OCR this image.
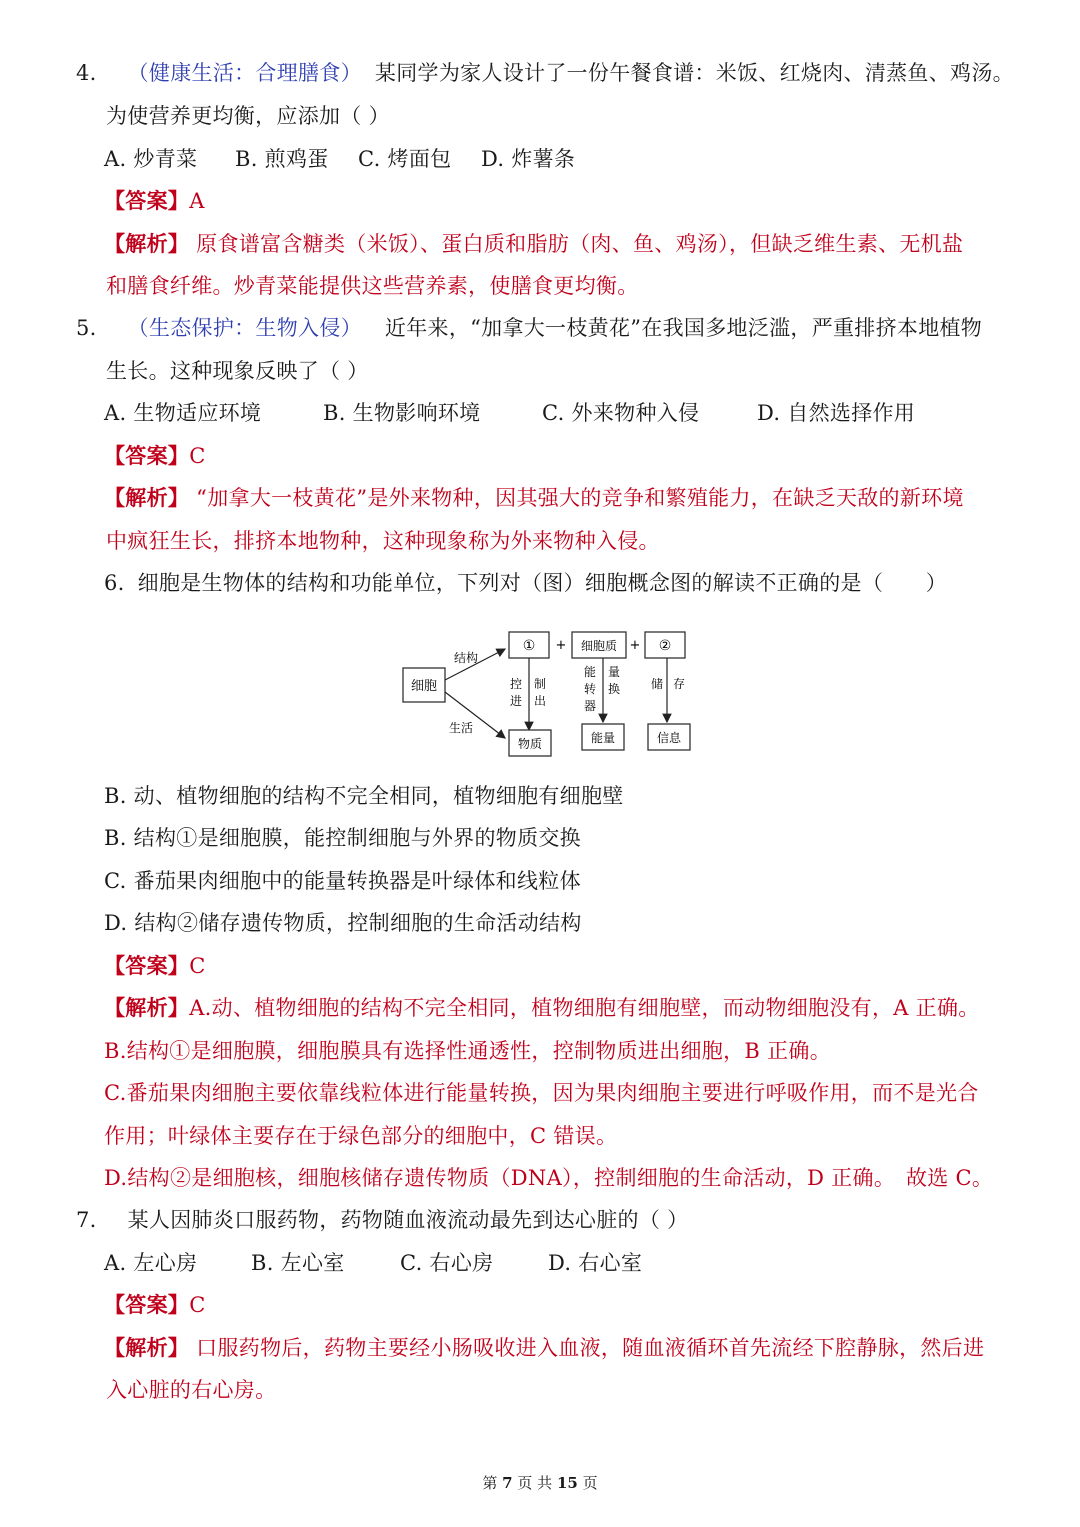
4. （健康生活：合理膳食） 某同学为家人设计了一份午餐食谱：米饭、红烧肉、清蒸鱼、鸡汤。
为使营养更均衡，应添加（ ）
A. 炒青菜 B. 煎鸡蛋 C. 烤面包 D. 炸薯条
【答案】A
【解析】 原食谱富含糖类（米饭）、蛋白质和脂肪（肉、鱼、鸡汤），但缺乏维生素、无机盐
和膳食纤维。炒青菜能提供这些营养素，使膳食更均衡。
5. （生态保护：生物入侵） 近年来，“加拿大一枝黄花”在我国多地泛滥，严重排挤本地植物
生长。这种现象反映了（ ）
A. 生物适应环境	B. 生物影响环境	C. 外来物种入侵	D. 自然选择作用
【答案】C
【解析】 “加拿大一枝黄花”是外来物种，因其强大的竞争和繁殖能力，在缺乏天敌的新环境
中疯狂生长，排挤本地物种，这种现象称为外来物种入侵。
6. 细胞是生物体的结构和功能单位，下列对（图）细胞概念图的解读不正确的是（　　）
细胞
结构
生活
① + 细胞质 + ②
控
进
制
出
能
转
器
量
换	储 存
物质	能量	信息
B. 动、植物细胞的结构不完全相同，植物细胞有细胞壁
B. 结构①是细胞膜，能控制细胞与外界的物质交换
C. 番茄果肉细胞中的能量转换器是叶绿体和线粒体
D. 结构②储存遗传物质，控制细胞的生命活动结构
【答案】C
【解析】A.动、植物细胞的结构不完全相同，植物细胞有细胞壁，而动物细胞没有，A 正确。
B.结构①是细胞膜，细胞膜具有选择性通透性，控制物质进出细胞，B 正确。
C.番茄果肉细胞主要依靠线粒体进行能量转换，因为果肉细胞主要进行呼吸作用，而不是光合
作用；叶绿体主要存在于绿色部分的细胞中，C 错误。
D.结构②是细胞核，细胞核储存遗传物质（DNA），控制细胞的生命活动，D 正确。　故选 C。
7. 某人因肺炎口服药物，药物随血液流动最先到达心脏的（ ）
A. 左心房	B. 左心室	C. 右心房	D. 右心室
【答案】C
【解析】 口服药物后，药物主要经小肠吸收进入血液，随血液循环首先流经下腔静脉，然后进
入心脏的右心房。
第 7 页 共 15 页
